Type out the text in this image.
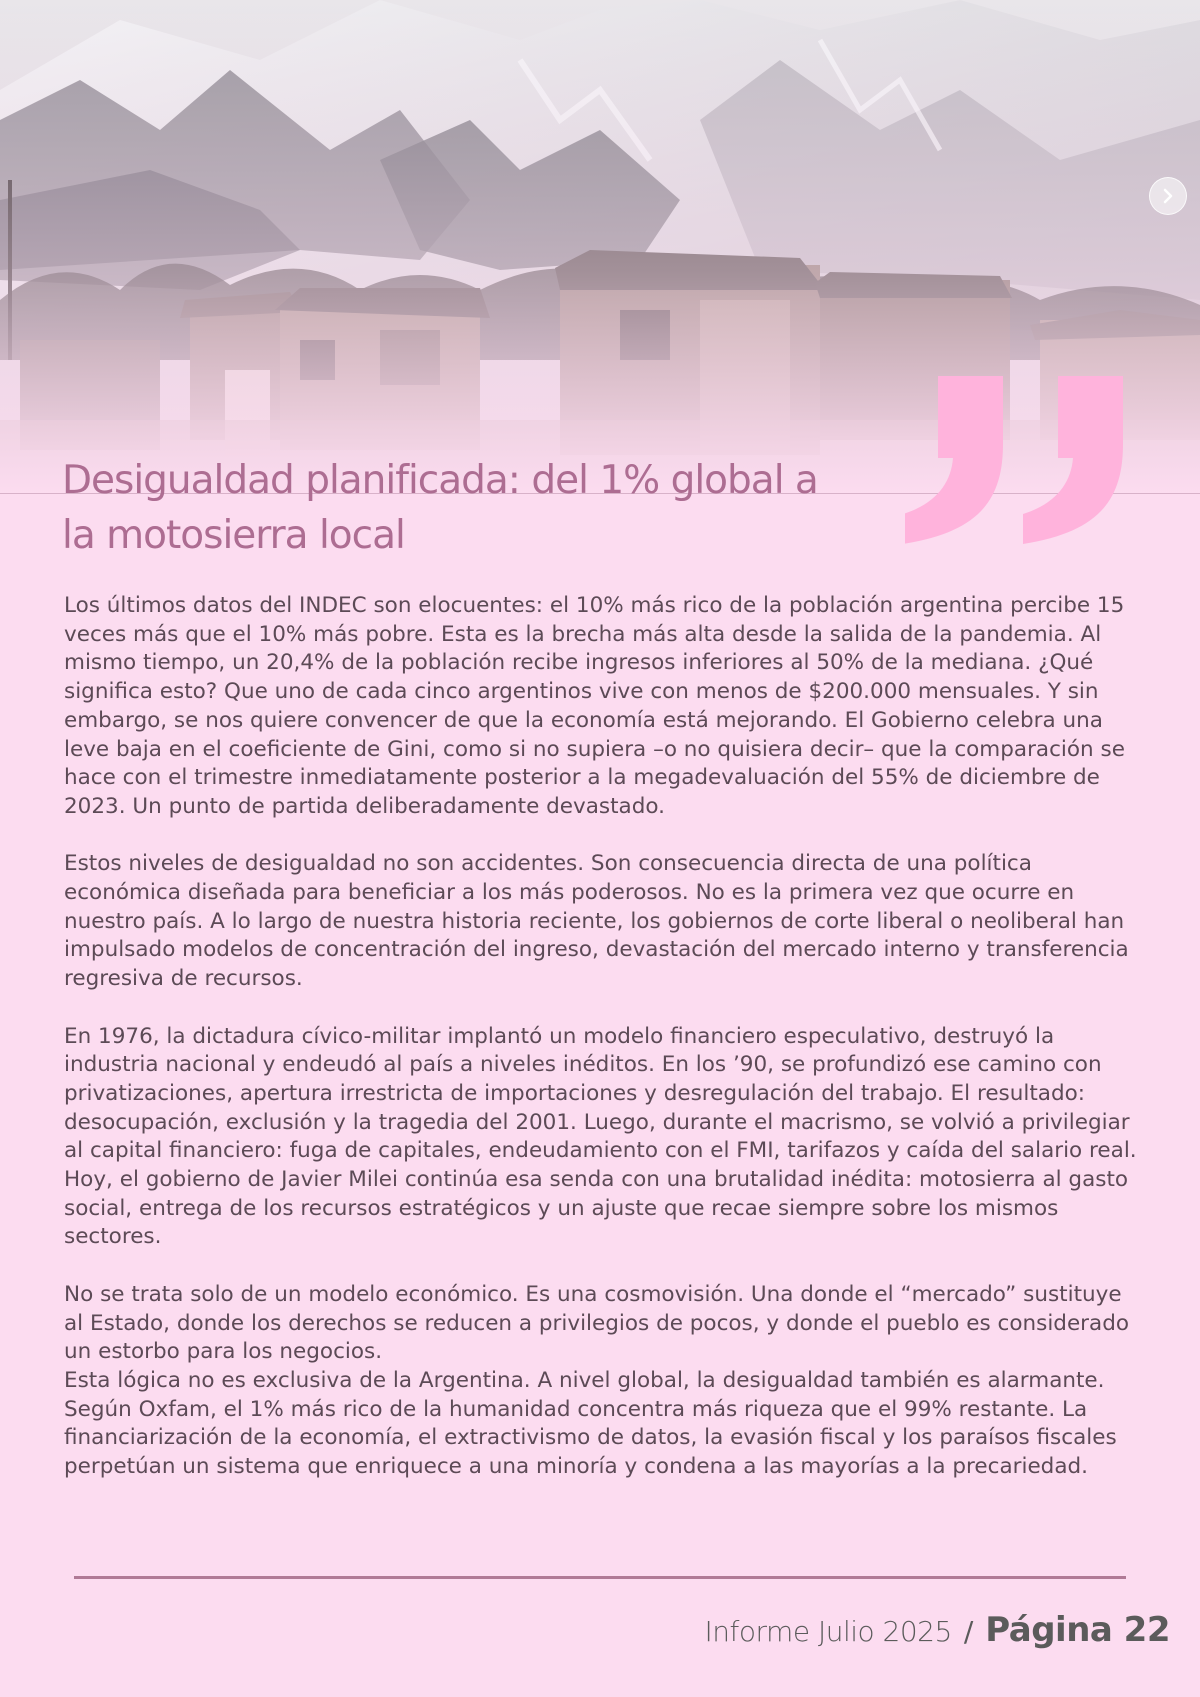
Desigualdad planificada: del 1% global a
la motosierra local

Los últimos datos del INDEC son elocuentes: el 10% más rico de la población argentina percibe 15 veces más que el 10% más pobre. Esta es la brecha más alta desde la salida de la pandemia. Al mismo tiempo, un 20,4% de la población recibe ingresos inferiores al 50% de la mediana. ¿Qué significa esto? Que uno de cada cinco argentinos vive con menos de $200.000 mensuales. Y sin embargo, se nos quiere convencer de que la economía está mejorando. El Gobierno celebra una leve baja en el coeficiente de Gini, como si no supiera –o no quisiera decir– que la comparación se hace con el trimestre inmediatamente posterior a la megadevaluación del 55% de diciembre de 2023. Un punto de partida deliberadamente devastado.

Estos niveles de desigualdad no son accidentes. Son consecuencia directa de una política económica diseñada para beneficiar a los más poderosos. No es la primera vez que ocurre en nuestro país. A lo largo de nuestra historia reciente, los gobiernos de corte liberal o neoliberal han impulsado modelos de concentración del ingreso, devastación del mercado interno y transferencia regresiva de recursos.

En 1976, la dictadura cívico-militar implantó un modelo financiero especulativo, destruyó la industria nacional y endeudó al país a niveles inéditos. En los ’90, se profundizó ese camino con privatizaciones, apertura irrestricta de importaciones y desregulación del trabajo. El resultado: desocupación, exclusión y la tragedia del 2001. Luego, durante el macrismo, se volvió a privilegiar al capital financiero: fuga de capitales, endeudamiento con el FMI, tarifazos y caída del salario real. Hoy, el gobierno de Javier Milei continúa esa senda con una brutalidad inédita: motosierra al gasto social, entrega de los recursos estratégicos y un ajuste que recae siempre sobre los mismos sectores.

No se trata solo de un modelo económico. Es una cosmovisión. Una donde el “mercado” sustituye al Estado, donde los derechos se reducen a privilegios de pocos, y donde el pueblo es considerado un estorbo para los negocios.

Esta lógica no es exclusiva de la Argentina. A nivel global, la desigualdad también es alarmante. Según Oxfam, el 1% más rico de la humanidad concentra más riqueza que el 99% restante. La financiarización de la economía, el extractivismo de datos, la evasión fiscal y los paraísos fiscales perpetúan un sistema que enriquece a una minoría y condena a las mayorías a la precariedad.

Informe Julio 2025 / Página 22
